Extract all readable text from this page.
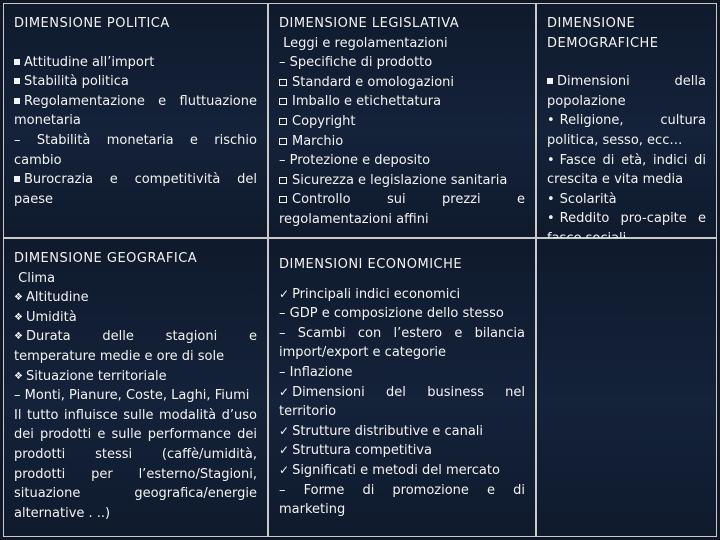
DIMENSIONE POLITICA
Attitudine all’import
Stabilità politica
Regolamentazione e fluttuazione monetaria
– Stabilità monetaria e rischio cambio
Burocrazia e competitività del paese
DIMENSIONE LEGISLATIVA
Leggi e regolamentazioni
– Specifiche di prodotto
Standard e omologazioni
Imballo e etichettatura
Copyright
Marchio
– Protezione e deposito
Sicurezza e legislazione sanitaria
Controllo sui prezzi e regolamentazioni affini
DIMENSIONE DEMOGRAFICHE
Dimensioni della popolazione
• Religione, cultura politica, sesso, ecc…
• Fasce di età, indici di crescita e vita media
• Scolarità
• Reddito pro-capite e
DIMENSIONE GEOGRAFICA
Clima
❖ Altitudine
❖ Umidità
❖ Durata delle stagioni e temperature medie e ore di sole
❖ Situazione territoriale
– Monti, Pianure, Coste, Laghi, Fiumi
Il tutto influisce sulle modalità d’uso dei prodotti e sulle performance dei prodotti stessi (caffè/umidità, prodotti per l’esterno/Stagioni, situazione geografica/energie alternative . ..)
DIMENSIONI ECONOMICHE
✓ Principali indici economici
– GDP e composizione dello stesso
– Scambi con l’estero e bilancia import/export e categorie
– Inflazione
✓ Dimensioni del business nel territorio
✓ Strutture distributive e canali
✓ Struttura competitiva
✓ Significati e metodi del mercato
– Forme di promozione e di marketing
